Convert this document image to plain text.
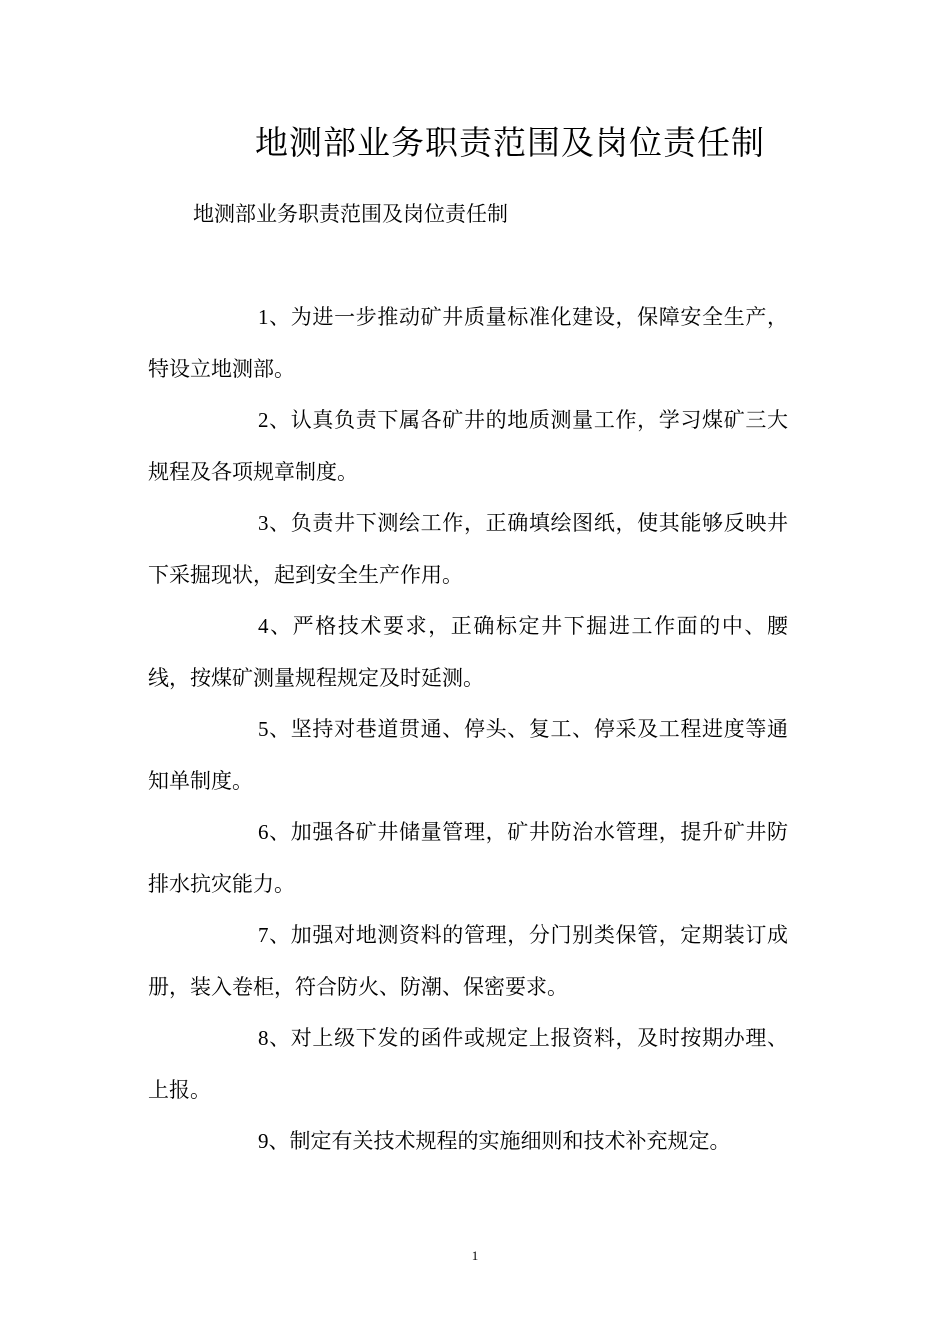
地测部业务职责范围及岗位责任制
地测部业务职责范围及岗位责任制

1、为进一步推动矿井质量标准化建设，保障安全生产，特设立地测部。

2、认真负责下属各矿井的地质测量工作，学习煤矿三大规程及各项规章制度。

3、负责井下测绘工作，正确填绘图纸，使其能够反映井下采掘现状，起到安全生产作用。

4、严格技术要求，正确标定井下掘进工作面的中、腰线，按煤矿测量规程规定及时延测。

5、坚持对巷道贯通、停头、复工、停采及工程进度等通知单制度。

6、加强各矿井储量管理，矿井防治水管理，提升矿井防排水抗灾能力。

7、加强对地测资料的管理，分门别类保管，定期装订成册，装入卷柜，符合防火、防潮、保密要求。

8、对上级下发的函件或规定上报资料，及时按期办理、上报。

9、制定有关技术规程的实施细则和技术补充规定。

1
